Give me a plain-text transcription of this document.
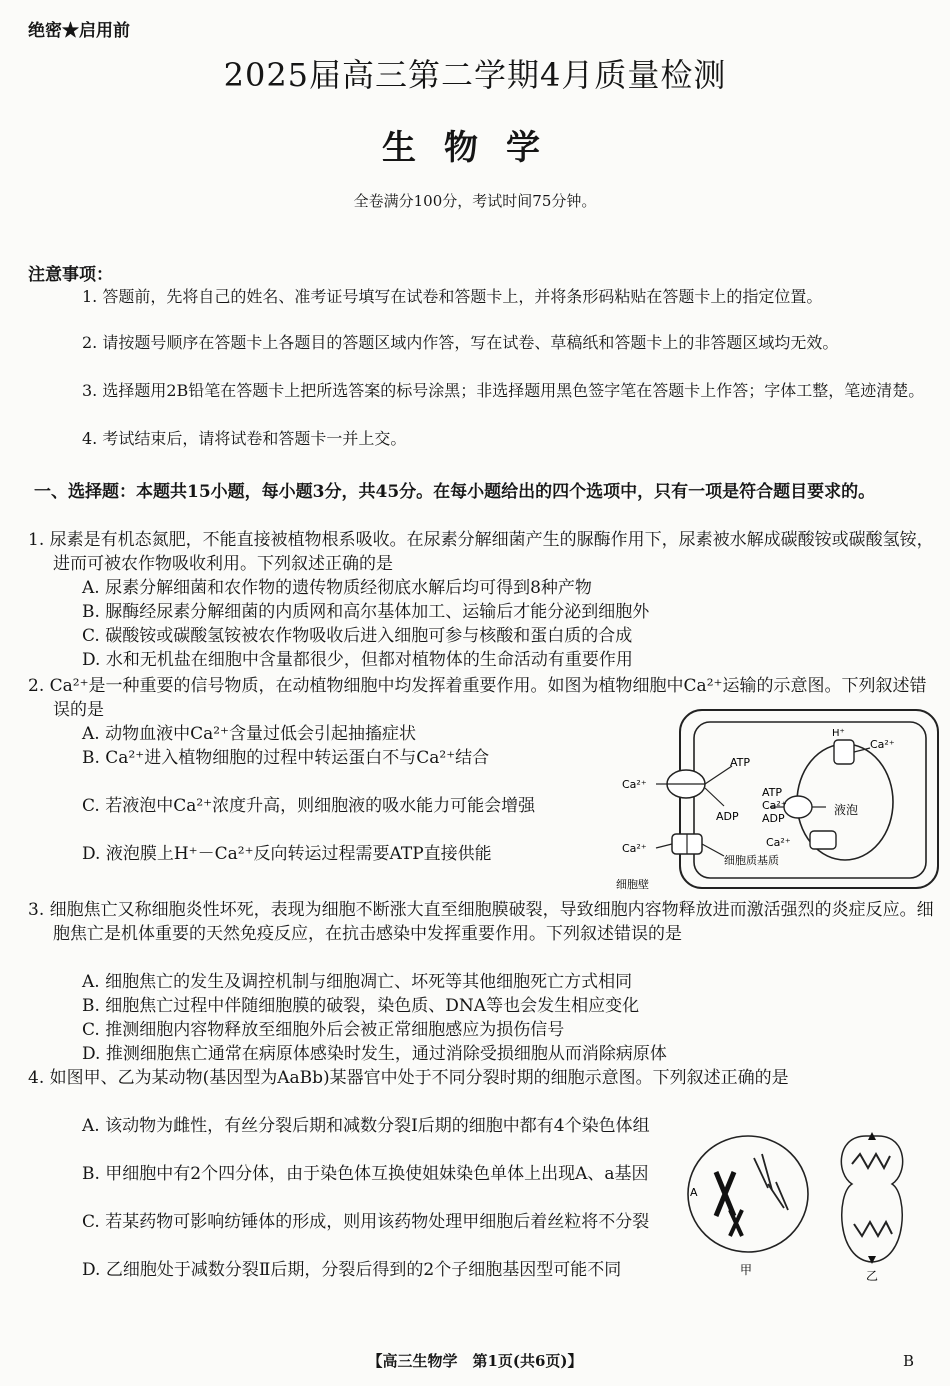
绝密★启用前
2025届高三第二学期4月质量检测
生物学
全卷满分100分，考试时间75分钟。
注意事项：
1. 答题前，先将自己的姓名、准考证号填写在试卷和答题卡上，并将条形码粘贴在答题卡上的指定位置。
2. 请按题号顺序在答题卡上各题目的答题区域内作答，写在试卷、草稿纸和答题卡上的非答题区域均无效。
3. 选择题用2B铅笔在答题卡上把所选答案的标号涂黑；非选择题用黑色签字笔在答题卡上作答；字体工整，笔迹清楚。
4. 考试结束后，请将试卷和答题卡一并上交。
一、选择题：本题共15小题，每小题3分，共45分。在每小题给出的四个选项中，只有一项是符合题目要求的。
1. 尿素是有机态氮肥，不能直接被植物根系吸收。在尿素分解细菌产生的脲酶作用下，尿素被水解成碳酸铵或碳酸氢铵，进而可被农作物吸收利用。下列叙述正确的是
A. 尿素分解细菌和农作物的遗传物质经彻底水解后均可得到8种产物
B. 脲酶经尿素分解细菌的内质网和高尔基体加工、运输后才能分泌到细胞外
C. 碳酸铵或碳酸氢铵被农作物吸收后进入细胞可参与核酸和蛋白质的合成
D. 水和无机盐在细胞中含量都很少，但都对植物体的生命活动有重要作用
2. Ca²⁺是一种重要的信号物质，在动植物细胞中均发挥着重要作用。如图为植物细胞中Ca²⁺运输的示意图。下列叙述错误的是
A. 动物血液中Ca²⁺含量过低会引起抽搐症状
B. Ca²⁺进入植物细胞的过程中转运蛋白不与Ca²⁺结合
C. 若液泡中Ca²⁺浓度升高，则细胞液的吸水能力可能会增强
D. 液泡膜上H⁺－Ca²⁺反向转运过程需要ATP直接供能
Ca²⁺
Ca²⁺
ATP
ADP
ATP
Ca²⁺
ADP
Ca²⁺
H⁺
液泡
Ca²⁺
细胞质基质
细胞壁
3. 细胞焦亡又称细胞炎性坏死，表现为细胞不断涨大直至细胞膜破裂，导致细胞内容物释放进而激活强烈的炎症反应。细胞焦亡是机体重要的天然免疫反应，在抗击感染中发挥重要作用。下列叙述错误的是
A. 细胞焦亡的发生及调控机制与细胞凋亡、坏死等其他细胞死亡方式相同
B. 细胞焦亡过程中伴随细胞膜的破裂，染色质、DNA等也会发生相应变化
C. 推测细胞内容物释放至细胞外后会被正常细胞感应为损伤信号
D. 推测细胞焦亡通常在病原体感染时发生，通过消除受损细胞从而消除病原体
4. 如图甲、乙为某动物(基因型为AaBb)某器官中处于不同分裂时期的细胞示意图。下列叙述正确的是
A. 该动物为雌性，有丝分裂后期和减数分裂Ⅰ后期的细胞中都有4个染色体组
B. 甲细胞中有2个四分体，由于染色体互换使姐妹染色单体上出现A、a基因
C. 若某药物可影响纺锤体的形成，则用该药物处理甲细胞后着丝粒将不分裂
D. 乙细胞处于减数分裂Ⅱ后期，分裂后得到的2个子细胞基因型可能不同
A
甲	乙
【高三生物学　第1页(共6页)】	B
